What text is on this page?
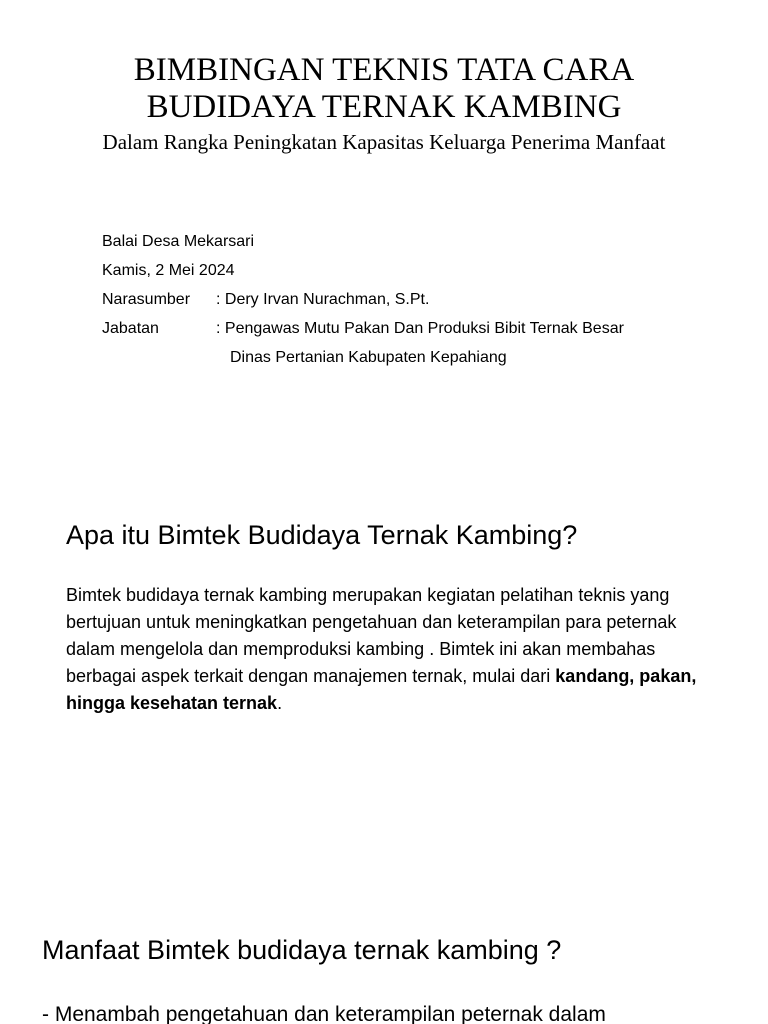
BIMBINGAN TEKNIS TATA CARA
BUDIDAYA TERNAK KAMBING

Dalam Rangka Peningkatan Kapasitas Keluarga Penerima Manfaat

Balai Desa Mekarsari
Kamis, 2 Mei 2024
Narasumber	: Dery Irvan Nurachman, S.Pt.
Jabatan	: Pengawas Mutu Pakan Dan Produksi Bibit Ternak Besar
Dinas Pertanian Kabupaten Kepahiang
Apa itu Bimtek Budidaya Ternak Kambing?

Bimtek budidaya ternak kambing merupakan kegiatan pelatihan teknis yang bertujuan untuk meningkatkan pengetahuan dan keterampilan para peternak dalam mengelola dan memproduksi kambing . Bimtek ini akan membahas berbagai aspek terkait dengan manajemen ternak, mulai dari kandang, pakan, hingga kesehatan ternak.

Manfaat Bimtek budidaya ternak kambing ?

- Menambah pengetahuan dan keterampilan peternak dalam
